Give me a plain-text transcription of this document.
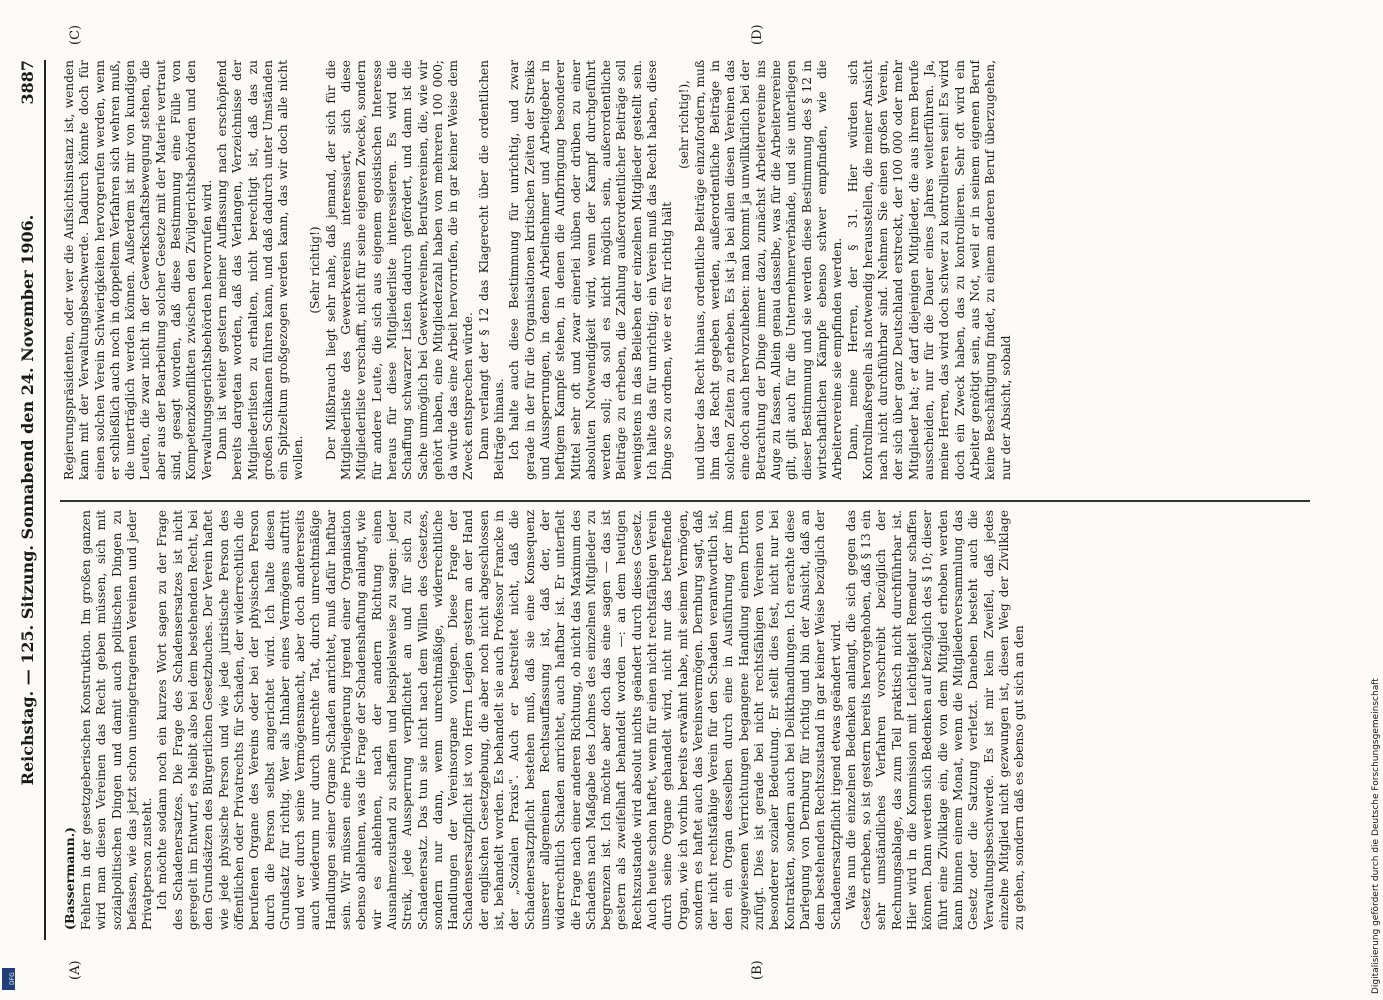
3887
Reichstag. — 125. Sitzung. Sonnabend den 24. November 1906.
(A)	(B)
(C)	(D)

(Bassermann.) Fehlern in der gesetzgeberischen Konstruktion. Im großen ganzen wird man diesen Vereinen das Recht geben müssen, sich mit sozialpolitischen Dingen und damit auch politischen Dingen zu befassen, wie das jetzt schon uneingetragenen Vereinen und jeder Privatperson zusteht. Ich möchte sodann noch ein kurzes Wort sagen zu der Frage des Schadenersatzes. Die Frage des Schadensersatzes ist nicht geregelt im Entwurf, es bleibt also bei dem bestehenden Recht, bei den Grundsätzen des Bürgerlichen Gesetzbuches. Der Verein haftet wie jede physische Person und wie jede juristische Person des öffentlichen oder Privatrechts für Schaden, der widerrechtlich die berufenen Organe des Vereins oder bei der physischen Person durch die Person selbst angerichtet wird. Ich halte diesen Grundsatz für richtig. Wer als Inhaber eines Vermögens auftritt und wer durch seine Vermögensmacht, aber doch andererseits auch wiederum nur durch unrechte Tat, durch unrechtmäßige Handlungen seiner Organe Schaden anrichtet, muß dafür haftbar sein. Wir müssen eine Privilegierung irgend einer Organisation ebenso ablehnen, was die Frage der Schadenshaftung anlangt, wie wir es ablehnen, nach der andern Richtung einen Ausnahmezustand zu schaffen und beispielsweise zu sagen: jeder Streik, jede Aussperrung verpflichtet an und für sich zu Schadenersatz. Das tun sie nicht nach dem Willen des Gesetzes, sondern nur dann, wenn unrechtmäßige, widerrechtliche Handlungen der Vereinsorgane vorliegen. Diese Frage der Schadensersatzpflicht ist von Herrn Legien gestern an der Hand der englischen Gesetzgebung, die aber noch nicht abgeschlossen ist, behandelt worden. Es behandelt sie auch Professor Francke in der „Sozialen Praxis". Auch er bestreitet nicht, daß die Schadenersatzpflicht bestehen muß, daß sie eine Konsequenz unserer allgemeinen Rechtsauffassung ist, daß der, der widerrechtlich Schaden anrichtet, auch haftbar ist. Er unterfielt die Frage nach einer anderen Richtung, ob nicht das Maximum des Schadens nach Maßgabe des Lohnes des einzelnen Mitglieder zu begrenzen ist. Ich möchte aber doch das eine sagen — das ist gestern als zweifelhaft behandelt worden —: an dem heutigen Rechtszustande wird absolut nichts geändert durch dieses Gesetz. Auch heute schon haftet, wenn für einen nicht rechtsfähigen Verein durch seine Organe gehandelt wird, nicht nur das betreffende Organ, wie ich vorhin bereits erwähnt habe, mit seinem Vermögen, sondern es haftet auch das Vereinsvermögen. Dernburg sagt, daß der nicht rechtsfähige Verein für den Schaden verantwortlich ist, den ein Organ desselben durch eine in Ausführung der ihm zugewiesenen Verrichtungen begangene Handlung einem Dritten zufügt. Dies ist gerade bei nicht rechtsfähigen Vereinen von besonderer sozialer Bedeutung. Er stellt dies fest, nicht nur bei Kontrakten, sondern auch bei Delikthandlungen. Ich erachte diese Darlegung von Dernburg für richtig und bin der Ansicht, daß an dem bestehenden Rechtszustand in gar keiner Weise bezüglich der Schadenersatzpflicht irgend etwas geändert wird. Was nun die einzelnen Bedenken anlangt, die sich gegen das Gesetz erheben, so ist gestern bereits hervorgehoben, daß § 13 ein sehr umständliches Verfahren vorschreibt bezüglich der Rechnungsablage, das zum Teil praktisch nicht durchführbar ist. Hier wird in die Kommission mit Leichtigkeit Remedur schaffen können. Dann werden sich Bedenken auf bezüglich des § 10; dieser führt eine Zivilklage ein, die von dem Mitglied erhoben werden kann binnen einem Monat, wenn die Mitgliederversammlung das Gesetz oder die Satzung verletzt. Daneben besteht auch die Verwaltungsbeschwerde. Es ist mir kein Zweifel, daß jedes einzelne Mitglied nicht gezwungen ist, diesen Weg der Zivilklage zu gehen, sondern daß es ebenso gut sich an den

Regierungspräsidenten, oder wer die Aufsichtsinstanz ist, wenden kann mit der Verwaltungsbeschwerde. Dadurch könnte doch für einen solchen Verein Schwierigkeiten hervorgerufen werden, wenn er schließlich auch noch in doppeltem Verfahren sich wehren muß, die unerträglich werden können. Außerdem ist mir von kundigen Leuten, die zwar nicht in der Gewerkschaftsbewegung stehen, die aber aus der Bearbeitung solcher Gesetze mit der Materie vertraut sind, gesagt worden, daß diese Bestimmung eine Fülle von Kompetenzkonflikten zwischen den Zivilgerichtsbehörden und den Verwaltungsgerichtsbehörden hervorrufen wird. Dann ist weiter gestern meiner Auffassung nach erschöpfend bereits dargetan worden, daß das Verlangen, Verzeichnisse der Mitgliederlisten zu erhalten, nicht berechtigt ist, daß das zu großen Schikanen führen kann, und daß dadurch unter Umständen ein Spitzeltum großgezogen werden kann, das wir doch alle nicht wollen.

(Sehr richtig!) Der Mißbrauch liegt sehr nahe, daß jemand, der sich für die Mitgliederliste des Gewerkvereins interessiert, sich diese Mitgliederliste verschafft, nicht für seine eigenen Zwecke, sondern für andere Leute, die sich aus eigenem egoistischen Interesse heraus für diese Mitgliederliste interessieren. Es wird die Schaffung schwarzer Listen dadurch gefördert, und dann ist die Sache unmöglich bei Gewerkvereinen, Berufsvereinen, die, wie wir gehört haben, eine Mitgliederzahl haben von mehreren 100 000; da würde das eine Arbeit hervorrufen, die in gar keiner Weise dem Zweck entsprechen würde. Dann verlangt der § 12 das Klagerecht über die ordentlichen Beiträge hinaus. Ich halte auch diese Bestimmung für unrichtig, und zwar gerade in der für die Organisationen kritischen Zeiten der Streiks und Aussperrungen, in denen Arbeitnehmer und Arbeitgeber in heftigem Kampfe stehen, in denen die Aufbringung besonderer Mittel sehr oft und zwar einerlei hüben oder drüben zu einer absoluten Notwendigkeit wird, wenn der Kampf durchgeführt werden soll; da soll es nicht möglich sein, außerordentliche Beiträge zu erheben, die Zahlung außerordentlicher Beiträge soll wenigstens in das Belieben der einzelnen Mitglieder gestellt sein. Ich halte das für unrichtig; ein Verein muß das Recht haben, diese Dinge so zu ordnen, wie er es für richtig hält

(sehr richtig!), und über das Recht hinaus, ordentliche Beiträge einzufordern, muß ihm das Recht gegeben werden, außerordentliche Beiträge in solchen Zeiten zu erheben. Es ist ja bei allen diesen Vereinen das eine doch auch hervorzuheben: man kommt ja unwillkürlich bei der Betrachtung der Dinge immer dazu, zunächst Arbeitervereine ins Auge zu fassen. Allein genau dasselbe, was für die Arbeitervereine gilt, gilt auch für die Unternehmerverbände, und sie unterliegen dieser Bestimmung und sie werden diese Bestimmung des § 12 in wirtschaftlichen Kämpfe ebenso schwer empfinden, wie die Arbeitervereine sie empfinden werden. Dann, meine Herren, der § 31. Hier würden sich Kontrollmaßregeln als notwendig herausstellen, die meiner Ansicht nach nicht durchführbar sind. Nehmen Sie einen großen Verein, der sich über ganz Deutschland erstreckt, der 100 000 oder mehr Mitglieder hat; er darf diejenigen Mitglieder, die aus ihrem Berufe ausscheiden, nur für die Dauer eines Jahres weiterführen. Ja, meine Herren, das wird doch schwer zu kontrollieren sein! Es wird doch ein Zweck haben, das zu kontrollieren. Sehr oft wird ein Arbeiter genötigt sein, aus Not, weil er in seinem eigenen Beruf keine Beschäftigung findet, zu einem anderen Beruf überzugehen, nur der Absicht, sobald

Digitalisierung gefördert durch die Deutsche Forschungsgemeinschaft
DFG
